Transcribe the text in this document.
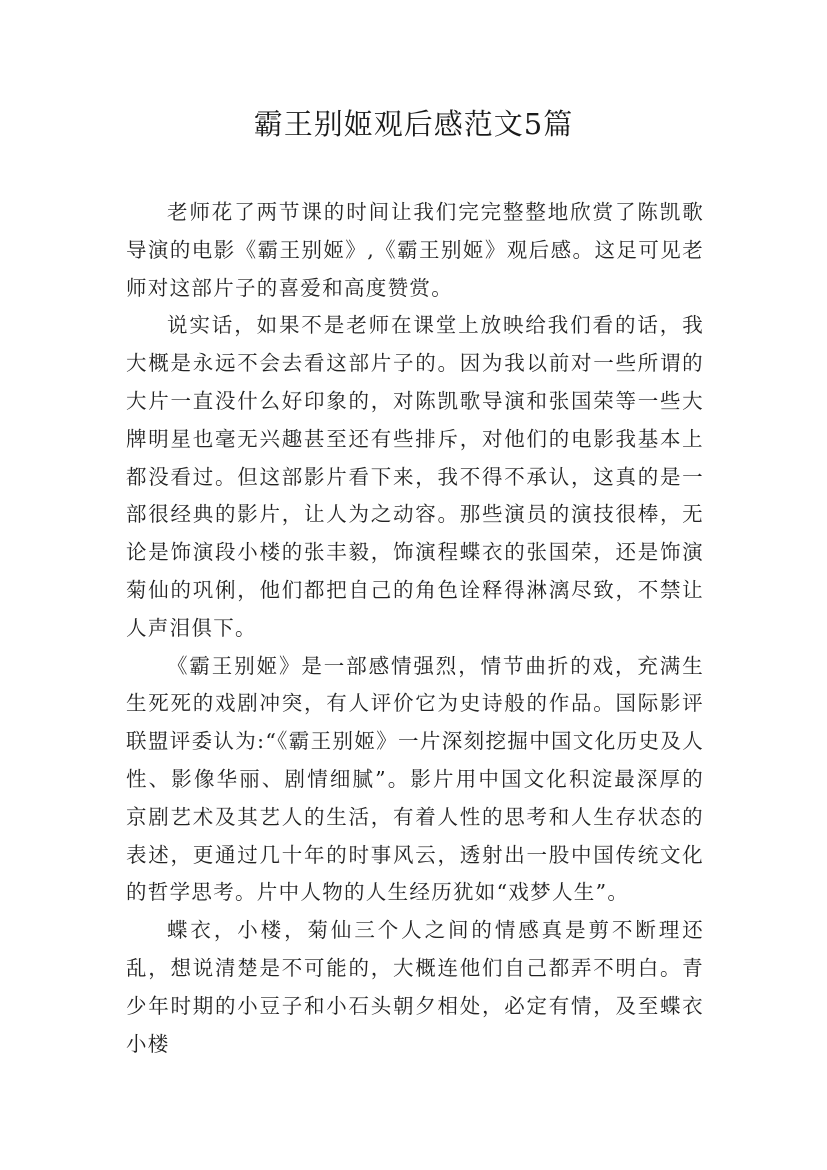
霸王别姬观后感范文5篇

老师花了两节课的时间让我们完完整整地欣赏了陈凯歌导演的电影《霸王别姬》,《霸王别姬》观后感。这足可见老师对这部片子的喜爱和高度赞赏。

说实话，如果不是老师在课堂上放映给我们看的话，我大概是永远不会去看这部片子的。因为我以前对一些所谓的大片一直没什么好印象的，对陈凯歌导演和张国荣等一些大牌明星也毫无兴趣甚至还有些排斥，对他们的电影我基本上都没看过。但这部影片看下来，我不得不承认，这真的是一部很经典的影片，让人为之动容。那些演员的演技很棒，无论是饰演段小楼的张丰毅，饰演程蝶衣的张国荣，还是饰演菊仙的巩俐，他们都把自己的角色诠释得淋漓尽致，不禁让人声泪俱下。

《霸王别姬》是一部感情强烈，情节曲折的戏，充满生生死死的戏剧冲突，有人评价它为史诗般的作品。国际影评联盟评委认为:“《霸王别姬》一片深刻挖掘中国文化历史及人性、影像华丽、剧情细腻”。影片用中国文化积淀最深厚的京剧艺术及其艺人的生活，有着人性的思考和人生存状态的表述，更通过几十年的时事风云，透射出一股中国传统文化的哲学思考。片中人物的人生经历犹如“戏梦人生”。

蝶衣，小楼，菊仙三个人之间的情感真是剪不断理还乱，想说清楚是不可能的，大概连他们自己都弄不明白。青少年时期的小豆子和小石头朝夕相处，必定有情，及至蝶衣小楼
